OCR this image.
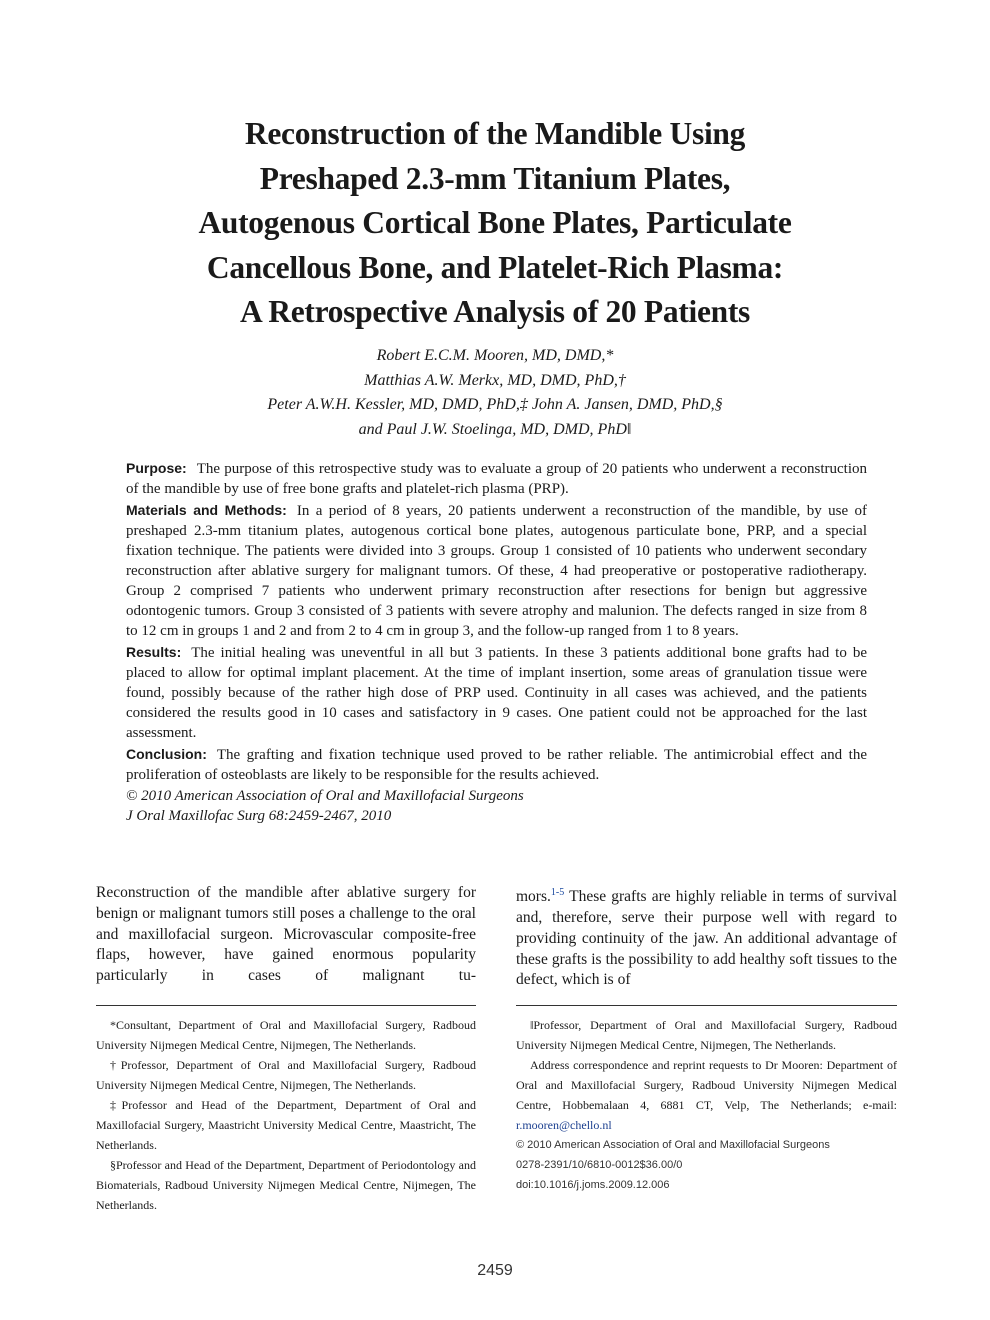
Reconstruction of the Mandible Using
Preshaped 2.3-mm Titanium Plates,
Autogenous Cortical Bone Plates, Particulate
Cancellous Bone, and Platelet-Rich Plasma:
A Retrospective Analysis of 20 Patients
Robert E.C.M. Mooren, MD, DMD,*
Matthias A.W. Merkx, MD, DMD, PhD,†
Peter A.W.H. Kessler, MD, DMD, PhD,‡ John A. Jansen, DMD, PhD,§
and Paul J.W. Stoelinga, MD, DMD, PhD‖

Purpose: The purpose of this retrospective study was to evaluate a group of 20 patients who underwent a reconstruction of the mandible by use of free bone grafts and platelet-rich plasma (PRP).

Materials and Methods: In a period of 8 years, 20 patients underwent a reconstruction of the mandible, by use of preshaped 2.3-mm titanium plates, autogenous cortical bone plates, autogenous particulate bone, PRP, and a special fixation technique. The patients were divided into 3 groups. Group 1 consisted of 10 patients who underwent secondary reconstruction after ablative surgery for malignant tumors. Of these, 4 had preoperative or postoperative radiotherapy. Group 2 comprised 7 patients who underwent primary reconstruction after resections for benign but aggressive odontogenic tumors. Group 3 consisted of 3 patients with severe atrophy and malunion. The defects ranged in size from 8 to 12 cm in groups 1 and 2 and from 2 to 4 cm in group 3, and the follow-up ranged from 1 to 8 years.

Results: The initial healing was uneventful in all but 3 patients. In these 3 patients additional bone grafts had to be placed to allow for optimal implant placement. At the time of implant insertion, some areas of granulation tissue were found, possibly because of the rather high dose of PRP used. Continuity in all cases was achieved, and the patients considered the results good in 10 cases and satisfactory in 9 cases. One patient could not be approached for the last assessment.

Conclusion: The grafting and fixation technique used proved to be rather reliable. The antimicrobial effect and the proliferation of osteoblasts are likely to be responsible for the results achieved.

© 2010 American Association of Oral and Maxillofacial Surgeons
J Oral Maxillofac Surg 68:2459-2467, 2010
Reconstruction of the mandible after ablative surgery for benign or malignant tumors still poses a challenge to the oral and maxillofacial surgeon. Microvascular composite-free flaps, however, have gained enormous popularity particularly in cases of malignant tu-
mors.$^{1-5}$ These grafts are highly reliable in terms of survival and, therefore, serve their purpose well with regard to providing continuity of the jaw. An additional advantage of these grafts is the possibility to add healthy soft tissues to the defect, which is of

*Consultant, Department of Oral and Maxillofacial Surgery, Radboud University Nijmegen Medical Centre, Nijmegen, The Netherlands.

†Professor, Department of Oral and Maxillofacial Surgery, Radboud University Nijmegen Medical Centre, Nijmegen, The Netherlands.

‡Professor and Head of the Department, Department of Oral and Maxillofacial Surgery, Maastricht University Medical Centre, Maastricht, The Netherlands.

§Professor and Head of the Department, Department of Periodontology and Biomaterials, Radboud University Nijmegen Medical Centre, Nijmegen, The Netherlands.

‖Professor, Department of Oral and Maxillofacial Surgery, Radboud University Nijmegen Medical Centre, Nijmegen, The Netherlands.

Address correspondence and reprint requests to Dr Mooren: Department of Oral and Maxillofacial Surgery, Radboud University Nijmegen Medical Centre, Hobbemalaan 4, 6881 CT, Velp, The Netherlands; e-mail: r.mooren@chello.nl

© 2010 American Association of Oral and Maxillofacial Surgeons

0278-2391/10/6810-0012$36.00/0

doi:10.1016/j.joms.2009.12.006

2459
